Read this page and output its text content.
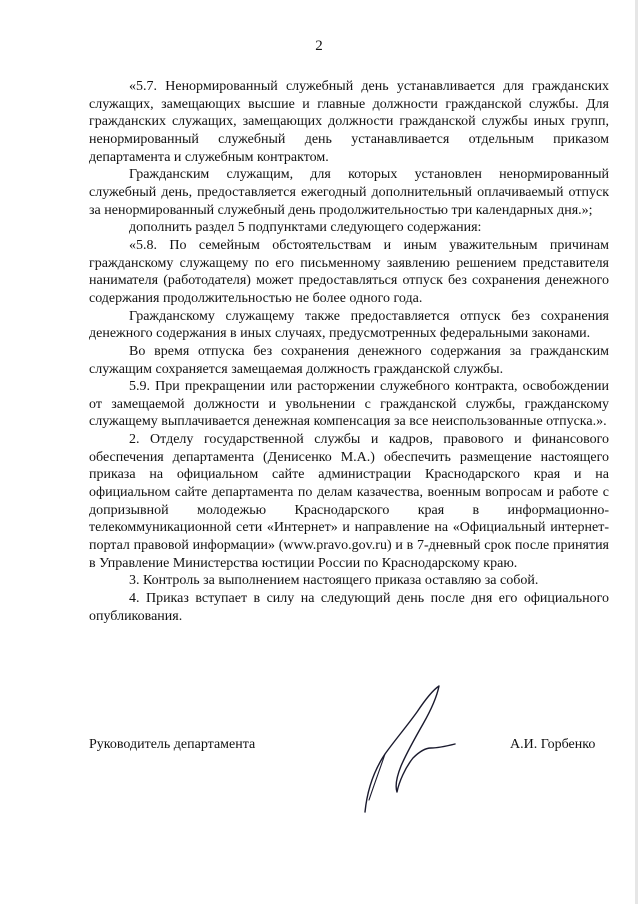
2

«5.7. Ненормированный служебный день устанавливается для гражданских служащих, замещающих высшие и главные должности гражданской службы. Для гражданских служащих, замещающих должности гражданской службы иных групп, ненормированный служебный день устанавливается отдельным приказом департамента и служебным контрактом.

Гражданским служащим, для которых установлен ненормированный служебный день, предоставляется ежегодный дополнительный оплачиваемый отпуск за ненормированный служебный день продолжительностью три календарных дня.»;

дополнить раздел 5 подпунктами следующего содержания:

«5.8. По семейным обстоятельствам и иным уважительным причинам гражданскому служащему по его письменному заявлению решением представителя нанимателя (работодателя) может предоставляться отпуск без сохранения денежного содержания продолжительностью не более одного года.

Гражданскому служащему также предоставляется отпуск без сохранения денежного содержания в иных случаях, предусмотренных федеральными законами.

Во время отпуска без сохранения денежного содержания за гражданским служащим сохраняется замещаемая должность гражданской службы.

5.9. При прекращении или расторжении служебного контракта, освобождении от замещаемой должности и увольнении с гражданской службы, гражданскому служащему выплачивается денежная компенсация за все неиспользованные отпуска.».

2. Отделу государственной службы и кадров, правового и финансового обеспечения департамента (Денисенко М.А.) обеспечить размещение настоящего приказа на официальном сайте администрации Краснодарского края и на официальном сайте департамента по делам казачества, военным вопросам и работе с допризывной молодежью Краснодарского края в информационно-телекоммуникационной сети «Интернет» и направление на «Официальный интернет-портал правовой информации» (www.pravo.gov.ru) и в 7-дневный срок после принятия в Управление Министерства юстиции России по Краснодарскому краю.

3. Контроль за выполнением настоящего приказа оставляю за собой.

4. Приказ вступает в силу на следующий день после дня его официального опубликования.

Руководитель департамента	А.И. Горбенко
